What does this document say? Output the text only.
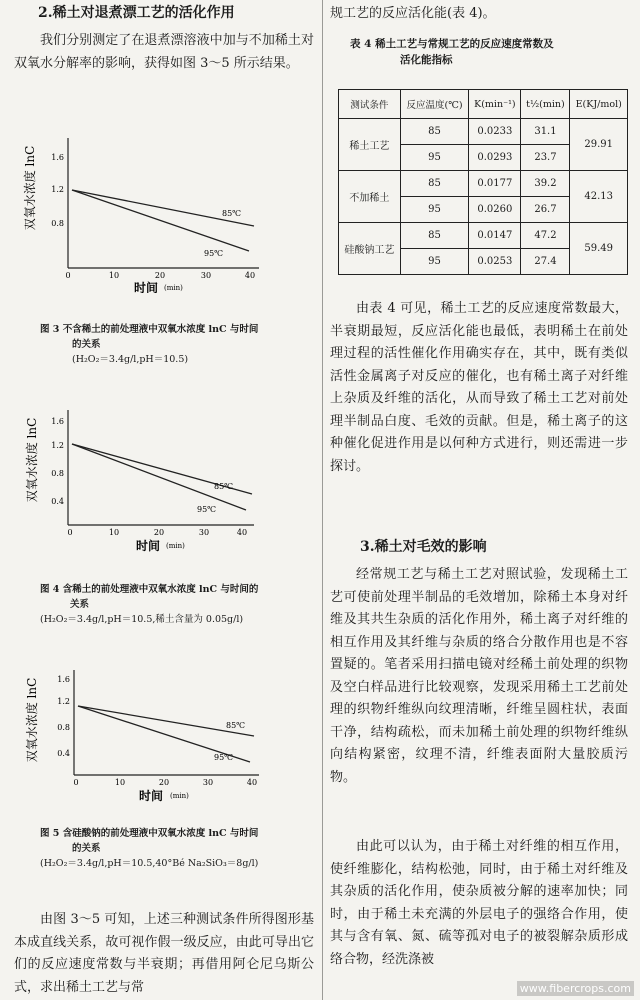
2.稀土对退煮漂工艺的活化作用

我们分别测定了在退煮漂溶液中加与不加稀土对双氧水分解率的影响，获得如图 3～5 所示结果。

双氧水浓度 lnC 1.6
1.2
0.8
0	10	20	30	40
85℃
95℃
时间 (min)
图 3 不含稀土的前处理液中双氧水浓度 lnC 与时间
的关系
(H₂O₂＝3.4g/l,pH＝10.5)
双氧水浓度 lnC 1.6
1.2
0.8
0.4
0	10	20	30	40
85℃
95℃
时间 (min)
图 4 含稀土的前处理液中双氧水浓度 lnC 与时间的
关系
(H₂O₂＝3.4g/l,pH＝10.5,稀土含量为 0.05g/l)
双氧水浓度 lnC 1.6
1.2
0.8
0.4
0	10	20	30	40
85℃
95℃
时间 (min)
图 5 含硅酸钠的前处理液中双氧水浓度 lnC 与时间
的关系
(H₂O₂＝3.4g/l,pH＝10.5,40°Bé Na₂SiO₃＝8g/l)

由图 3～5 可知，上述三种测试条件所得图形基本成直线关系，故可视作假一级反应，由此可导出它们的反应速度常数与半衰期；再借用阿仑尼乌斯公式，求出稀土工艺与常

规工艺的反应活化能(表 4)。

表 4 稀土工艺与常规工艺的反应速度常数及
活化能指标
测试条件	反应温度(℃)	K(min⁻¹)	t½(min)	E(KJ/mol)
稀土工艺	85	0.0233	31.1	29.91
	95	0.0293	23.7	
不加稀土	85	0.0177	39.2	42.13
	95	0.0260	26.7	
硅酸钠工艺	85	0.0147	47.2	59.49
	95	0.0253	27.4	

由表 4 可见，稀土工艺的反应速度常数最大，半衰期最短，反应活化能也最低，表明稀土在前处理过程的活性催化作用确实存在，其中，既有类似活性金属离子对反应的催化，也有稀土离子对纤维上杂质及纤维的活化，从而导致了稀土工艺对前处理半制品白度、毛效的贡献。但是，稀土离子的这种催化促进作用是以何种方式进行，则还需进一步探讨。

3.稀土对毛效的影响

经常规工艺与稀土工艺对照试验，发现稀土工艺可使前处理半制品的毛效增加，除稀土本身对纤维及其共生杂质的活化作用外，稀土离子对纤维的相互作用及其纤维与杂质的络合分散作用也是不容置疑的。笔者采用扫描电镜对经稀土前处理的织物及空白样品进行比较观察，发现采用稀土工艺前处理的织物纤维纵向纹理清晰，纤维呈圆柱状，表面干净，结构疏松，而未加稀土前处理的织物纤维纵向结构紧密，纹理不清，纤维表面附大量胶质污物。

由此可以认为，由于稀土对纤维的相互作用，使纤维膨化，结构松弛，同时，由于稀土对纤维及其杂质的活化作用，使杂质被分解的速率加快；同时，由于稀土未充满的外层电子的强络合作用，使其与含有氧、氮、硫等孤对电子的被裂解杂质形成络合物，经洗涤被

www.fibercrops.com
